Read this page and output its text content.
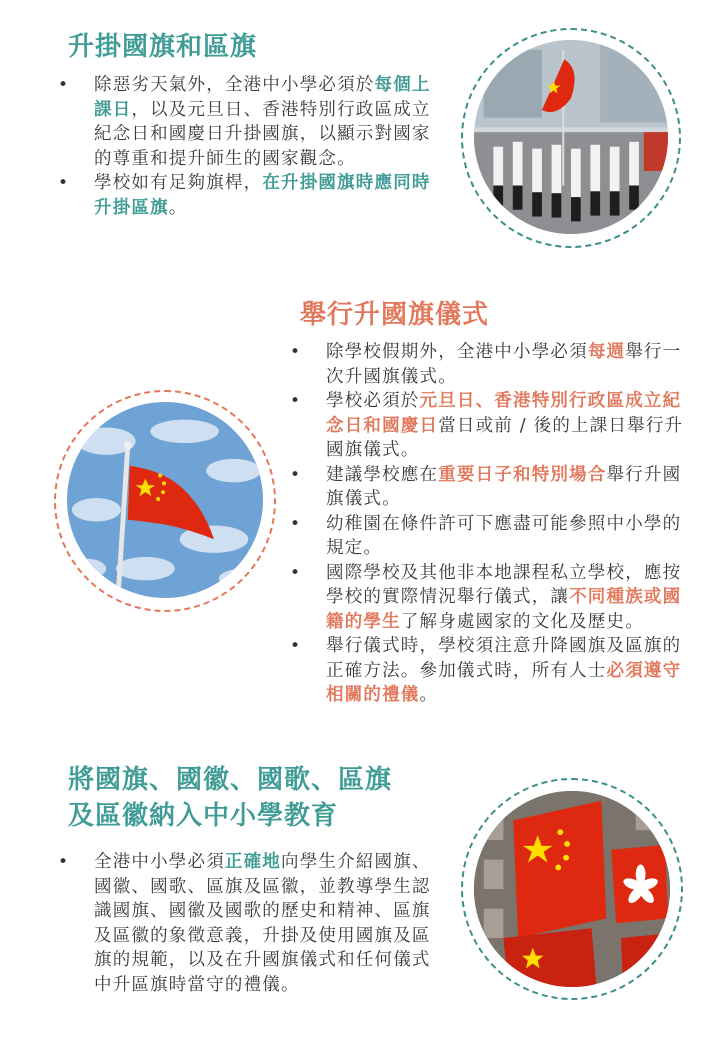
升掛國旗和區旗
• 除惡劣天氣外，全港中小學必須於每個上課日，以及元旦日、香港特別行政區成立紀念日和國慶日升掛國旗，以顯示對國家的尊重和提升師生的國家觀念。
• 學校如有足夠旗桿，在升掛國旗時應同時升掛區旗。
舉行升國旗儀式
• 除學校假期外，全港中小學必須每週舉行一次升國旗儀式。
• 學校必須於元旦日、香港特別行政區成立紀念日和國慶日當日或前 / 後的上課日舉行升國旗儀式。
• 建議學校應在重要日子和特別場合舉行升國旗儀式。
• 幼稚園在條件許可下應盡可能參照中小學的規定。
• 國際學校及其他非本地課程私立學校，應按學校的實際情況舉行儀式，讓不同種族或國籍的學生了解身處國家的文化及歷史。
• 舉行儀式時，學校須注意升降國旗及區旗的正確方法。參加儀式時，所有人士必須遵守相關的禮儀。
將國旗、國徽、國歌、區旗
及區徽納入中小學教育
• 全港中小學必須正確地向學生介紹國旗、國徽、國歌、區旗及區徽，並教導學生認識國旗、國徽及國歌的歷史和精神、區旗及區徽的象徵意義，升掛及使用國旗及區旗的規範，以及在升國旗儀式和任何儀式中升區旗時當守的禮儀。
